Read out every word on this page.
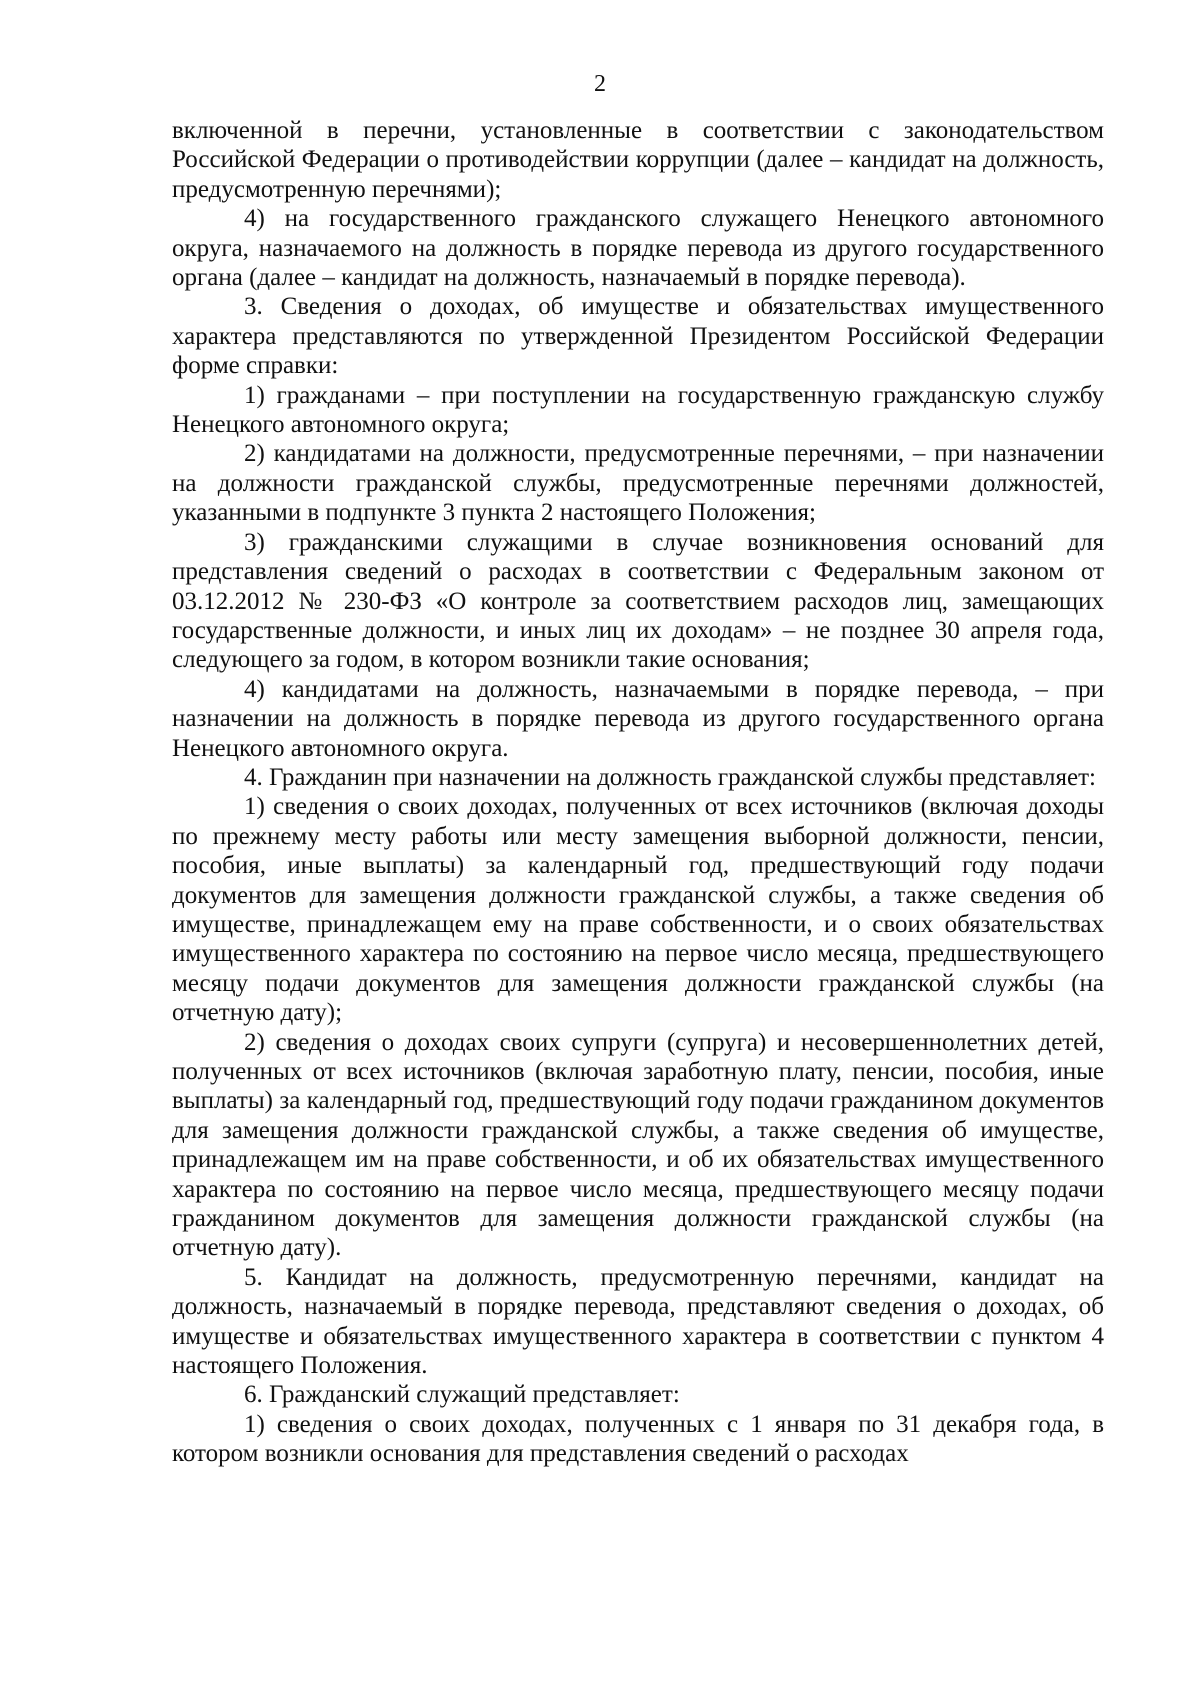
2

включенной в перечни, установленные в соответствии с законодательством Российской Федерации о противодействии коррупции (далее – кандидат на должность, предусмотренную перечнями);

4) на государственного гражданского служащего Ненецкого автономного округа, назначаемого на должность в порядке перевода из другого государственного органа (далее – кандидат на должность, назначаемый в порядке перевода).

3. Сведения о доходах, об имуществе и обязательствах имущественного характера представляются по утвержденной Президентом Российской Федерации форме справки:

1) гражданами – при поступлении на государственную гражданскую службу Ненецкого автономного округа;

2) кандидатами на должности, предусмотренные перечнями, – при назначении на должности гражданской службы, предусмотренные перечнями должностей, указанными в подпункте 3 пункта 2 настоящего Положения;

3) гражданскими служащими в случае возникновения оснований для представления сведений о расходах в соответствии с Федеральным законом от 03.12.2012 № 230-ФЗ «О контроле за соответствием расходов лиц, замещающих государственные должности, и иных лиц их доходам» – не позднее 30 апреля года, следующего за годом, в котором возникли такие основания;

4) кандидатами на должность, назначаемыми в порядке перевода, – при назначении на должность в порядке перевода из другого государственного органа Ненецкого автономного округа.

4. Гражданин при назначении на должность гражданской службы представляет:

1) сведения о своих доходах, полученных от всех источников (включая доходы по прежнему месту работы или месту замещения выборной должности, пенсии, пособия, иные выплаты) за календарный год, предшествующий году подачи документов для замещения должности гражданской службы, а также сведения об имуществе, принадлежащем ему на праве собственности, и о своих обязательствах имущественного характера по состоянию на первое число месяца, предшествующего месяцу подачи документов для замещения должности гражданской службы (на отчетную дату);

2) сведения о доходах своих супруги (супруга) и несовершеннолетних детей, полученных от всех источников (включая заработную плату, пенсии, пособия, иные выплаты) за календарный год, предшествующий году подачи гражданином документов для замещения должности гражданской службы, а также сведения об имуществе, принадлежащем им на праве собственности, и об их обязательствах имущественного характера по состоянию на первое число месяца, предшествующего месяцу подачи гражданином документов для замещения должности гражданской службы (на отчетную дату).

5. Кандидат на должность, предусмотренную перечнями, кандидат на должность, назначаемый в порядке перевода, представляют сведения о доходах, об имуществе и обязательствах имущественного характера в соответствии с пунктом 4 настоящего Положения.

6. Гражданский служащий представляет:

1) сведения о своих доходах, полученных с 1 января по 31 декабря года, в котором возникли основания для представления сведений о расходах
